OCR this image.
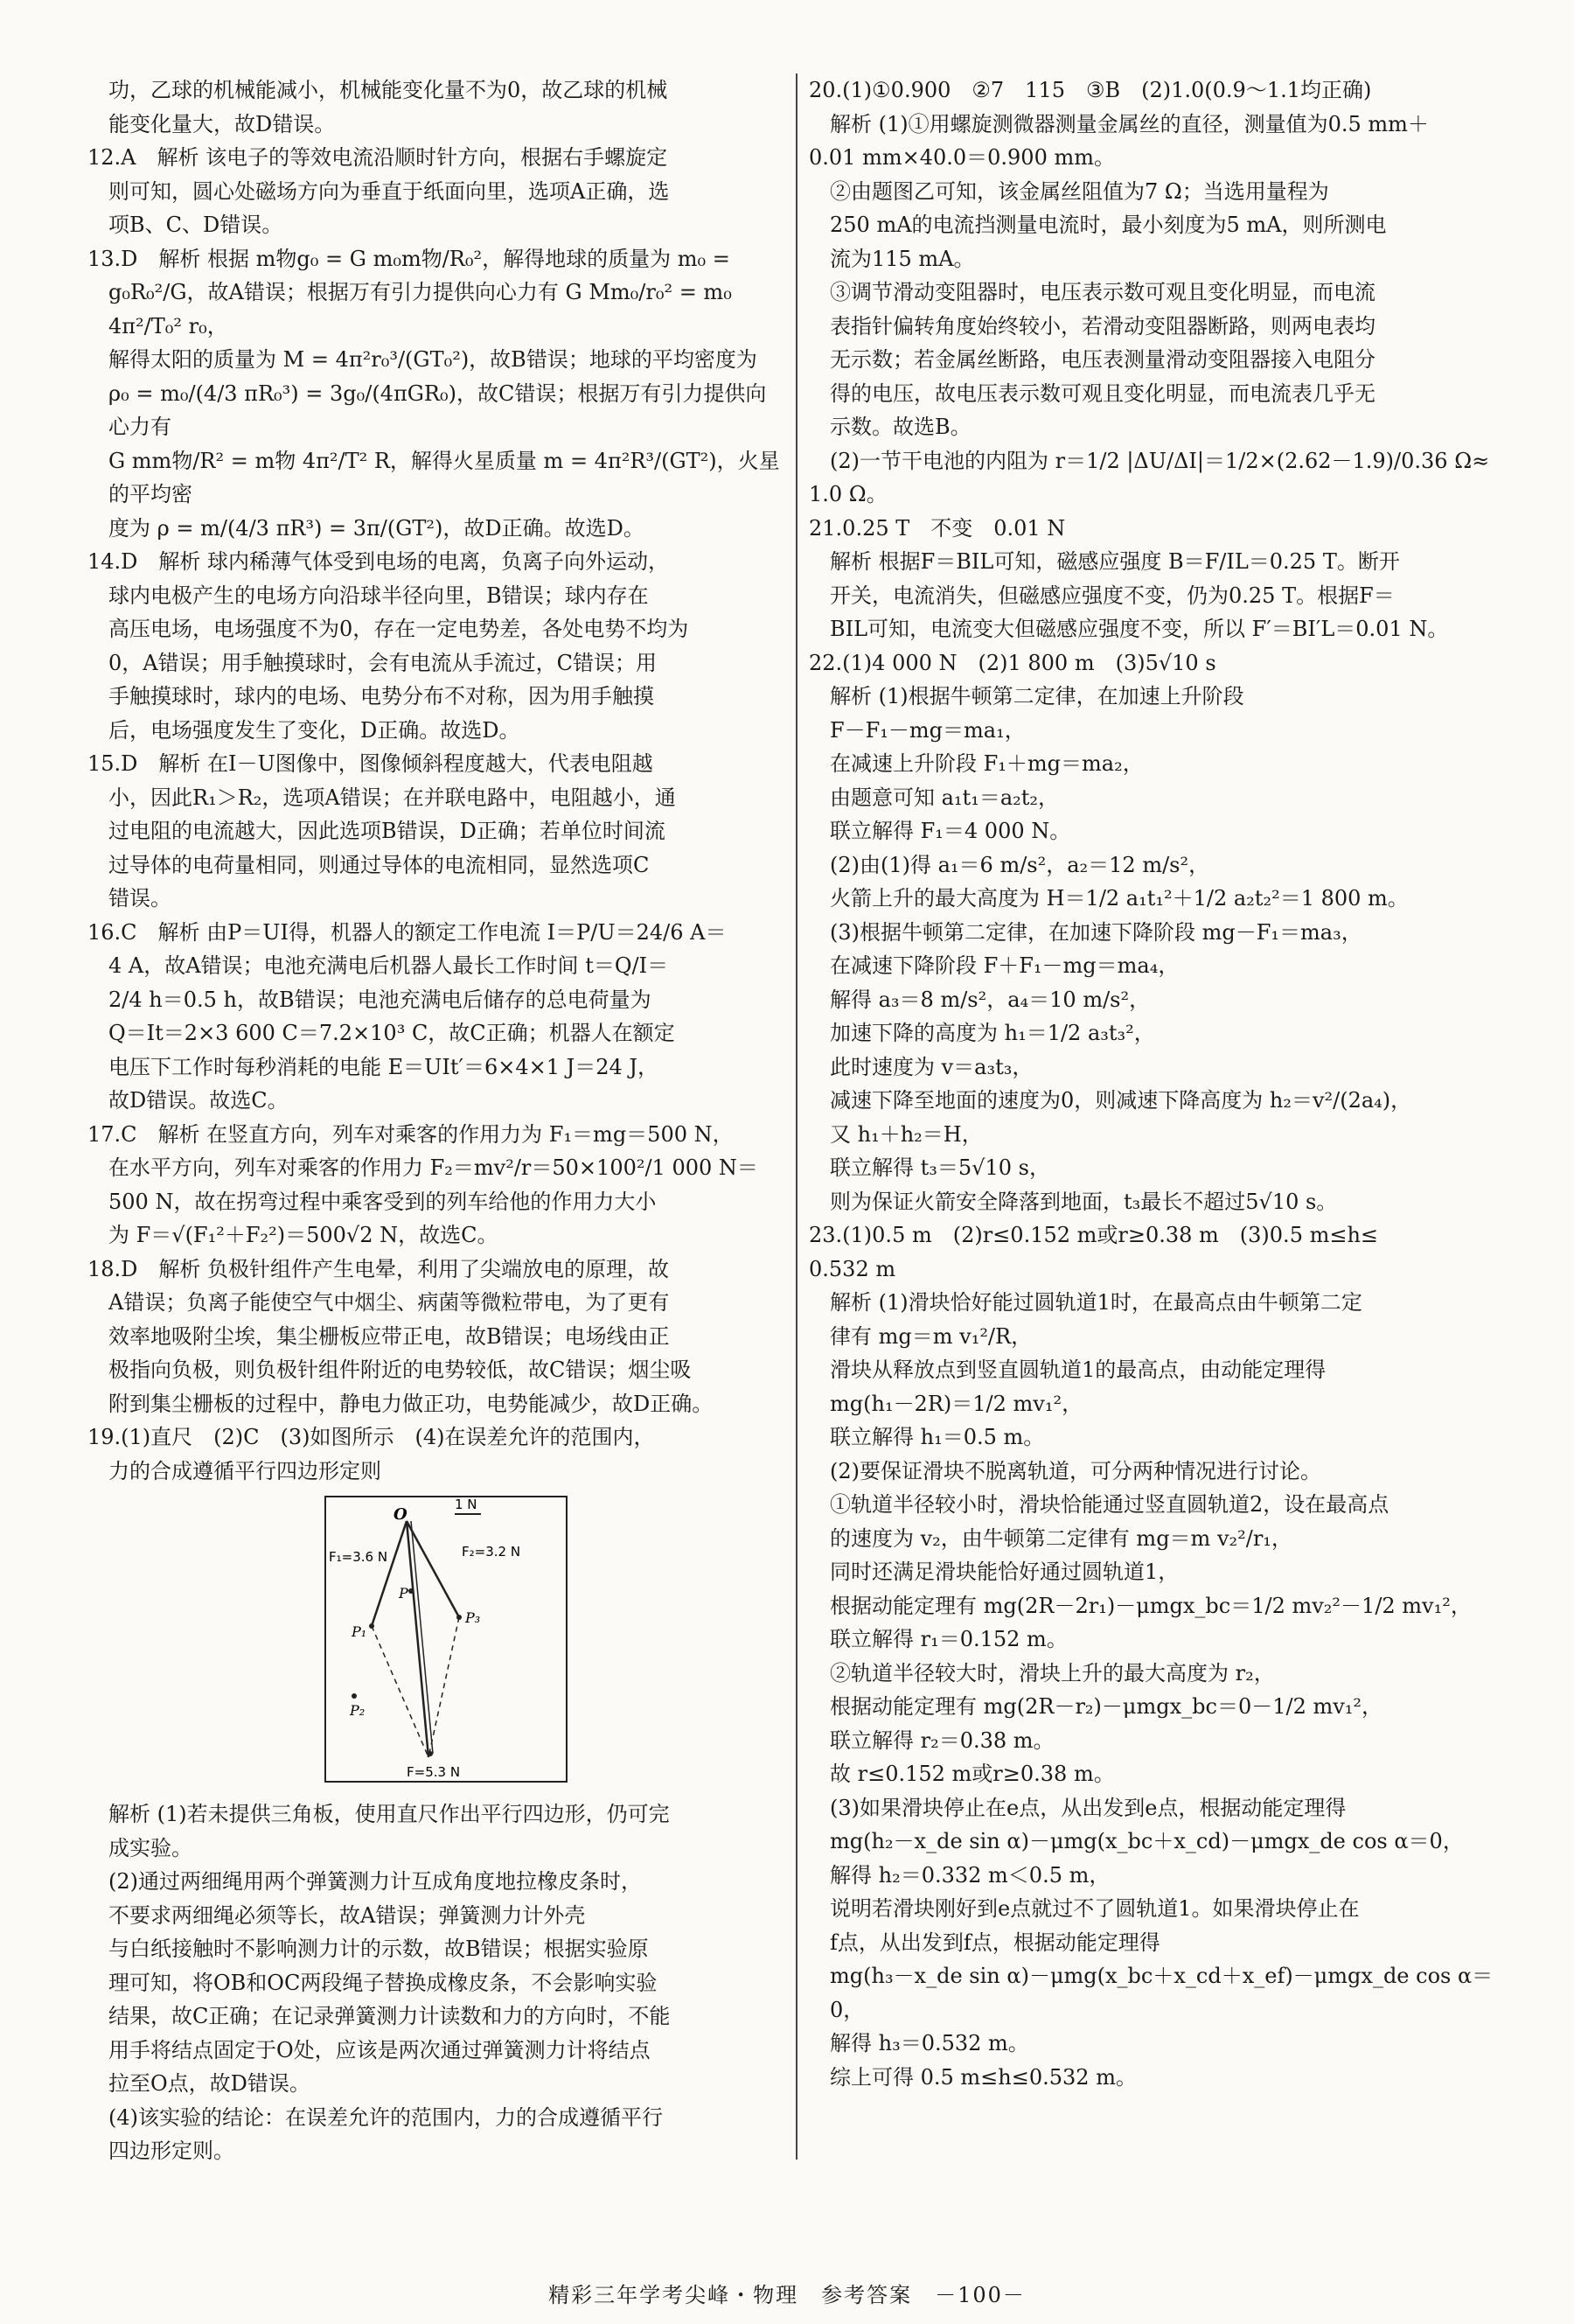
功，乙球的机械能减小，机械能变化量不为0，故乙球的机械

能变化量大，故D错误。

12.A　解析 该电子的等效电流沿顺时针方向，根据右手螺旋定

则可知，圆心处磁场方向为垂直于纸面向里，选项A正确，选

项B、C、D错误。

13.D　解析 根据 m物g₀ = G m₀m物/R₀²，解得地球的质量为 m₀ =

g₀R₀²/G，故A错误；根据万有引力提供向心力有 G Mm₀/r₀² = m₀ 4π²/T₀² r₀，

解得太阳的质量为 M = 4π²r₀³/(GT₀²)，故B错误；地球的平均密度为

ρ₀ = m₀/(4/3 πR₀³) = 3g₀/(4πGR₀)，故C错误；根据万有引力提供向心力有

G mm物/R² = m物 4π²/T² R，解得火星质量 m = 4π²R³/(GT²)，火星的平均密

度为 ρ = m/(4/3 πR³) = 3π/(GT²)，故D正确。故选D。

14.D　解析 球内稀薄气体受到电场的电离，负离子向外运动，

球内电极产生的电场方向沿球半径向里，B错误；球内存在

高压电场，电场强度不为0，存在一定电势差，各处电势不均为

0，A错误；用手触摸球时，会有电流从手流过，C错误；用

手触摸球时，球内的电场、电势分布不对称，因为用手触摸

后，电场强度发生了变化，D正确。故选D。

15.D　解析 在I－U图像中，图像倾斜程度越大，代表电阻越

小，因此R₁＞R₂，选项A错误；在并联电路中，电阻越小，通

过电阻的电流越大，因此选项B错误，D正确；若单位时间流

过导体的电荷量相同，则通过导体的电流相同，显然选项C

错误。

16.C　解析 由P＝UI得，机器人的额定工作电流 I＝P/U＝24/6 A＝

4 A，故A错误；电池充满电后机器人最长工作时间 t＝Q/I＝

2/4 h＝0.5 h，故B错误；电池充满电后储存的总电荷量为

Q＝It＝2×3 600 C＝7.2×10³ C，故C正确；机器人在额定

电压下工作时每秒消耗的电能 E＝UIt′＝6×4×1 J＝24 J，

故D错误。故选C。

17.C　解析 在竖直方向，列车对乘客的作用力为 F₁＝mg＝500 N，

在水平方向，列车对乘客的作用力 F₂＝mv²/r＝50×100²/1 000 N＝

500 N，故在拐弯过程中乘客受到的列车给他的作用力大小

为 F＝√(F₁²＋F₂²)＝500√2 N，故选C。

18.D　解析 负极针组件产生电晕，利用了尖端放电的原理，故

A错误；负离子能使空气中烟尘、病菌等微粒带电，为了更有

效率地吸附尘埃，集尘栅板应带正电，故B错误；电场线由正

极指向负极，则负极针组件附近的电势较低，故C错误；烟尘吸

附到集尘栅板的过程中，静电力做正功，电势能减少，故D正确。

19.(1)直尺　(2)C　(3)如图所示　(4)在误差允许的范围内，

力的合成遵循平行四边形定则

1 N
O
F₁=3.6 N	F₂=3.2 N
P
P₁
P₂
P₃
F=5.3 N

解析 (1)若未提供三角板，使用直尺作出平行四边形，仍可完

成实验。

(2)通过两细绳用两个弹簧测力计互成角度地拉橡皮条时，

不要求两细绳必须等长，故A错误；弹簧测力计外壳

与白纸接触时不影响测力计的示数，故B错误；根据实验原

理可知，将OB和OC两段绳子替换成橡皮条，不会影响实验

结果，故C正确；在记录弹簧测力计读数和力的方向时，不能

用手将结点固定于O处，应该是两次通过弹簧测力计将结点

拉至O点，故D错误。

(4)该实验的结论：在误差允许的范围内，力的合成遵循平行

四边形定则。

20.(1)①0.900　②7　115　③B　(2)1.0(0.9～1.1均正确)

解析 (1)①用螺旋测微器测量金属丝的直径，测量值为0.5 mm＋

0.01 mm×40.0＝0.900 mm。

②由题图乙可知，该金属丝阻值为7 Ω；当选用量程为

250 mA的电流挡测量电流时，最小刻度为5 mA，则所测电

流为115 mA。

③调节滑动变阻器时，电压表示数可观且变化明显，而电流

表指针偏转角度始终较小，若滑动变阻器断路，则两电表均

无示数；若金属丝断路，电压表测量滑动变阻器接入电阻分

得的电压，故电压表示数可观且变化明显，而电流表几乎无

示数。故选B。

(2)一节干电池的内阻为 r＝1/2 |ΔU/ΔI|＝1/2×(2.62－1.9)/0.36 Ω≈

1.0 Ω。

21.0.25 T　不变　0.01 N

解析 根据F＝BIL可知，磁感应强度 B＝F/IL＝0.25 T。断开

开关，电流消失，但磁感应强度不变，仍为0.25 T。根据F＝

BIL可知，电流变大但磁感应强度不变，所以 F′＝BI′L＝0.01 N。

22.(1)4 000 N　(2)1 800 m　(3)5√10 s

解析 (1)根据牛顿第二定律，在加速上升阶段

F－F₁－mg＝ma₁，

在减速上升阶段 F₁＋mg＝ma₂，

由题意可知 a₁t₁＝a₂t₂，

联立解得 F₁＝4 000 N。

(2)由(1)得 a₁＝6 m/s²，a₂＝12 m/s²，

火箭上升的最大高度为 H＝1/2 a₁t₁²＋1/2 a₂t₂²＝1 800 m。

(3)根据牛顿第二定律，在加速下降阶段 mg－F₁＝ma₃，

在减速下降阶段 F＋F₁－mg＝ma₄，

解得 a₃＝8 m/s²，a₄＝10 m/s²，

加速下降的高度为 h₁＝1/2 a₃t₃²，

此时速度为 v＝a₃t₃，

减速下降至地面的速度为0，则减速下降高度为 h₂＝v²/(2a₄)，

又 h₁＋h₂＝H，

联立解得 t₃＝5√10 s，

则为保证火箭安全降落到地面，t₃最长不超过5√10 s。

23.(1)0.5 m　(2)r≤0.152 m或r≥0.38 m　(3)0.5 m≤h≤

0.532 m

解析 (1)滑块恰好能过圆轨道1时，在最高点由牛顿第二定

律有 mg＝m v₁²/R，

滑块从释放点到竖直圆轨道1的最高点，由动能定理得

mg(h₁－2R)＝1/2 mv₁²，

联立解得 h₁＝0.5 m。

(2)要保证滑块不脱离轨道，可分两种情况进行讨论。

①轨道半径较小时，滑块恰能通过竖直圆轨道2，设在最高点

的速度为 v₂，由牛顿第二定律有 mg＝m v₂²/r₁，

同时还满足滑块能恰好通过圆轨道1，

根据动能定理有 mg(2R－2r₁)－μmgx_bc＝1/2 mv₂²－1/2 mv₁²，

联立解得 r₁＝0.152 m。

②轨道半径较大时，滑块上升的最大高度为 r₂，

根据动能定理有 mg(2R－r₂)－μmgx_bc＝0－1/2 mv₁²，

联立解得 r₂＝0.38 m。

故 r≤0.152 m或r≥0.38 m。

(3)如果滑块停止在e点，从出发到e点，根据动能定理得

mg(h₂－x_de sin α)－μmg(x_bc＋x_cd)－μmgx_de cos α＝0，

解得 h₂＝0.332 m＜0.5 m，

说明若滑块刚好到e点就过不了圆轨道1。如果滑块停止在

f点，从出发到f点，根据动能定理得

mg(h₃－x_de sin α)－μmg(x_bc＋x_cd＋x_ef)－μmgx_de cos α＝0，

解得 h₃＝0.532 m。

综上可得 0.5 m≤h≤0.532 m。

精彩三年学考尖峰・物理　参考答案　－100－
